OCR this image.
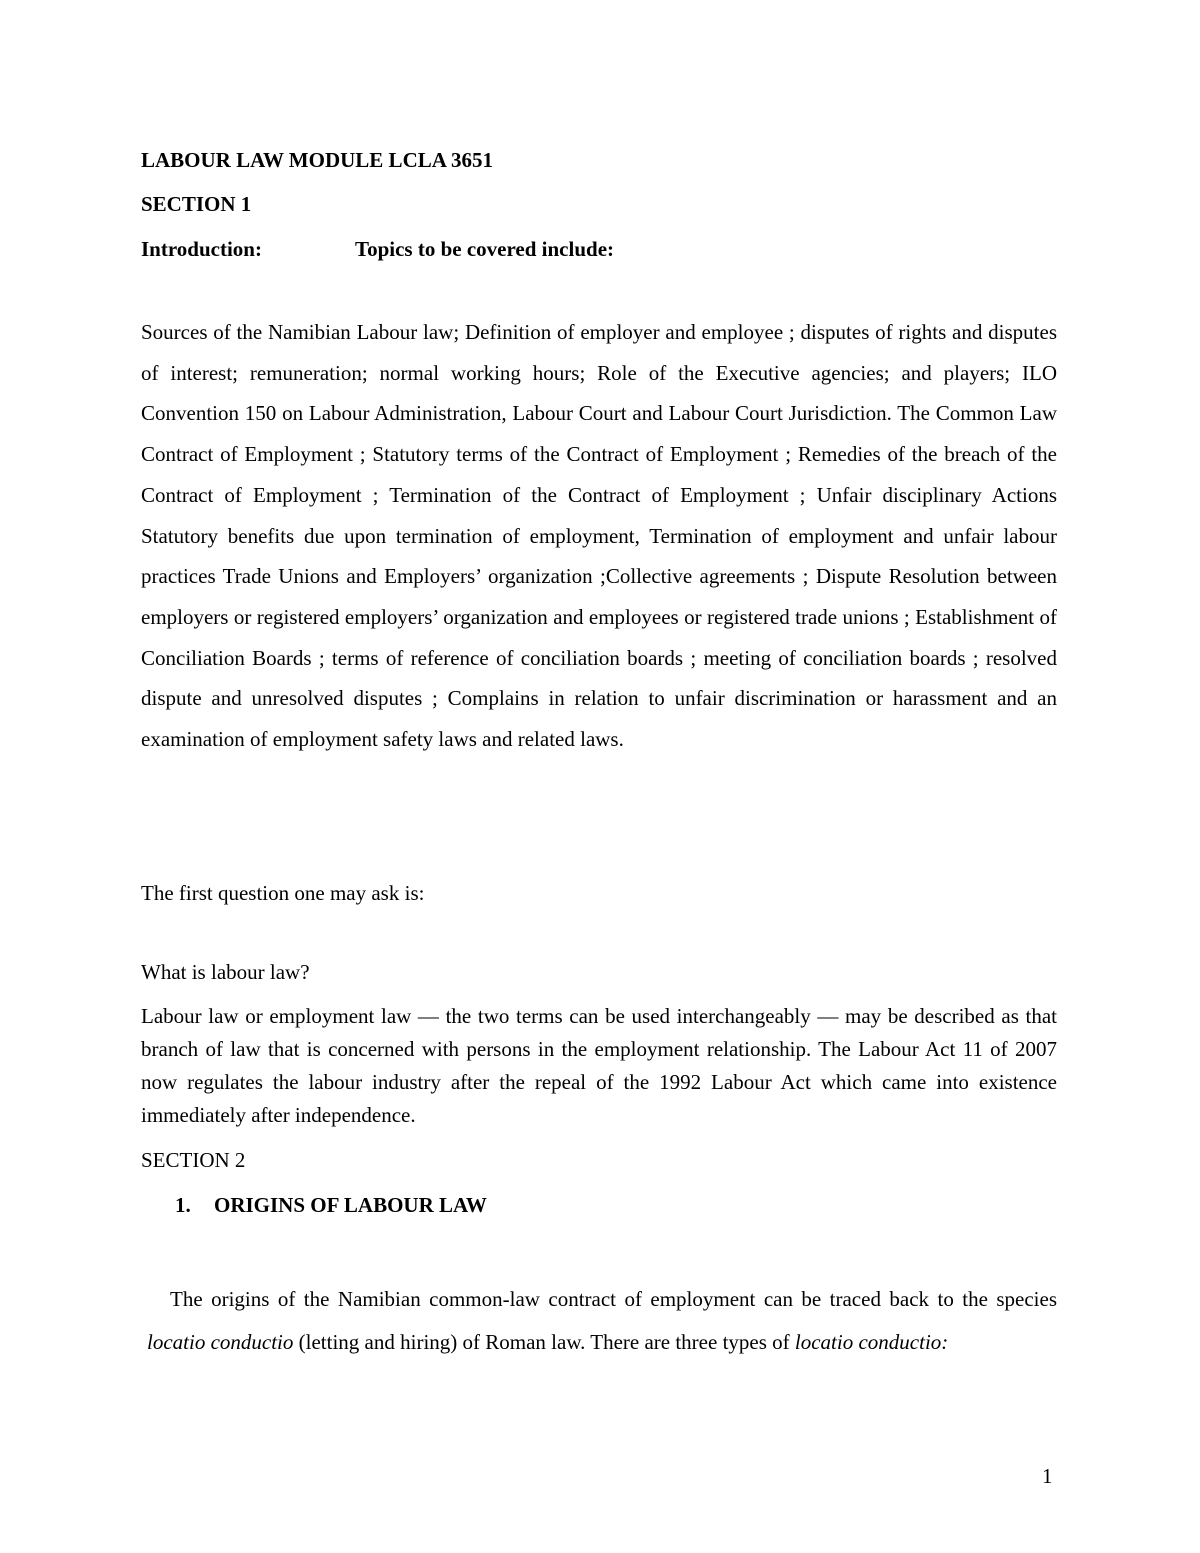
LABOUR LAW MODULE LCLA 3651
SECTION 1
Introduction:	Topics to be covered include:
Sources of the Namibian Labour law; Definition of employer and employee ; disputes of rights and disputes of interest; remuneration; normal working hours; Role of the Executive agencies; and players; ILO Convention 150 on Labour Administration, Labour Court and Labour Court Jurisdiction. The Common Law Contract of Employment ; Statutory terms of the Contract of Employment ; Remedies of the breach of the Contract of Employment ; Termination of the Contract of Employment ; Unfair disciplinary Actions Statutory benefits due upon termination of employment, Termination of employment and unfair labour practices Trade Unions and Employers’ organization ;Collective agreements ; Dispute Resolution between employers or registered employers’ organization and employees or registered trade unions ; Establishment of Conciliation Boards ; terms of reference of conciliation boards ; meeting of conciliation boards ; resolved dispute and unresolved disputes ; Complains in relation to unfair discrimination or harassment and an examination of employment safety laws and related laws.
The first question one may ask is:
What is labour law?
Labour law or employment law — the two terms can be used interchangeably — may be described as that branch of law that is concerned with persons in the employment relationship. The Labour Act 11 of 2007 now regulates the labour industry after the repeal of the 1992 Labour Act which came into existence immediately after independence.
SECTION 2
1. ORIGINS OF LABOUR LAW
The origins of the Namibian common-law contract of employment can be traced back to the species locatio conductio (letting and hiring) of Roman law. There are three types of locatio conductio:
1
